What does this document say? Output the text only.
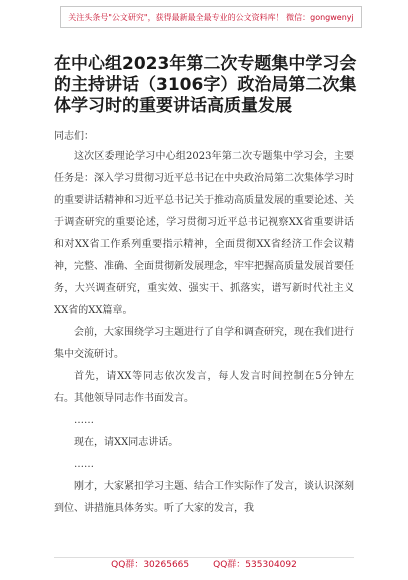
关注头条号"公文研究"，获得最新最全最专业的公文资料库！ 微信：gongwenyj
在中心组2023年第二次专题集中学习会的主持讲话（3106字）政治局第二次集体学习时的重要讲话高质量发展

同志们：

这次区委理论学习中心组2023年第二次专题集中学习会，主要任务是：深入学习贯彻习近平总书记在中央政治局第二次集体学习时的重要讲话精神和习近平总书记关于推动高质量发展的重要论述、关于调查研究的重要论述，学习贯彻习近平总书记视察XX省重要讲话和对XX省工作系列重要指示精神，全面贯彻XX省经济工作会议精神，完整、准确、全面贯彻新发展理念，牢牢把握高质量发展首要任务，大兴调查研究，重实效、强实干、抓落实，谱写新时代社主义XX省的XX篇章。

会前，大家围绕学习主题进行了自学和调查研究，现在我们进行集中交流研讨。

首先，请XX等同志依次发言，每人发言时间控制在5分钟左右。其他领导同志作书面发言。

……

现在，请XX同志讲话。

……

刚才，大家紧扣学习主题、结合工作实际作了发言，谈认识深刻到位、讲措施具体务实。听了大家的发言，我

QQ群：30265665	QQ群：535304092
